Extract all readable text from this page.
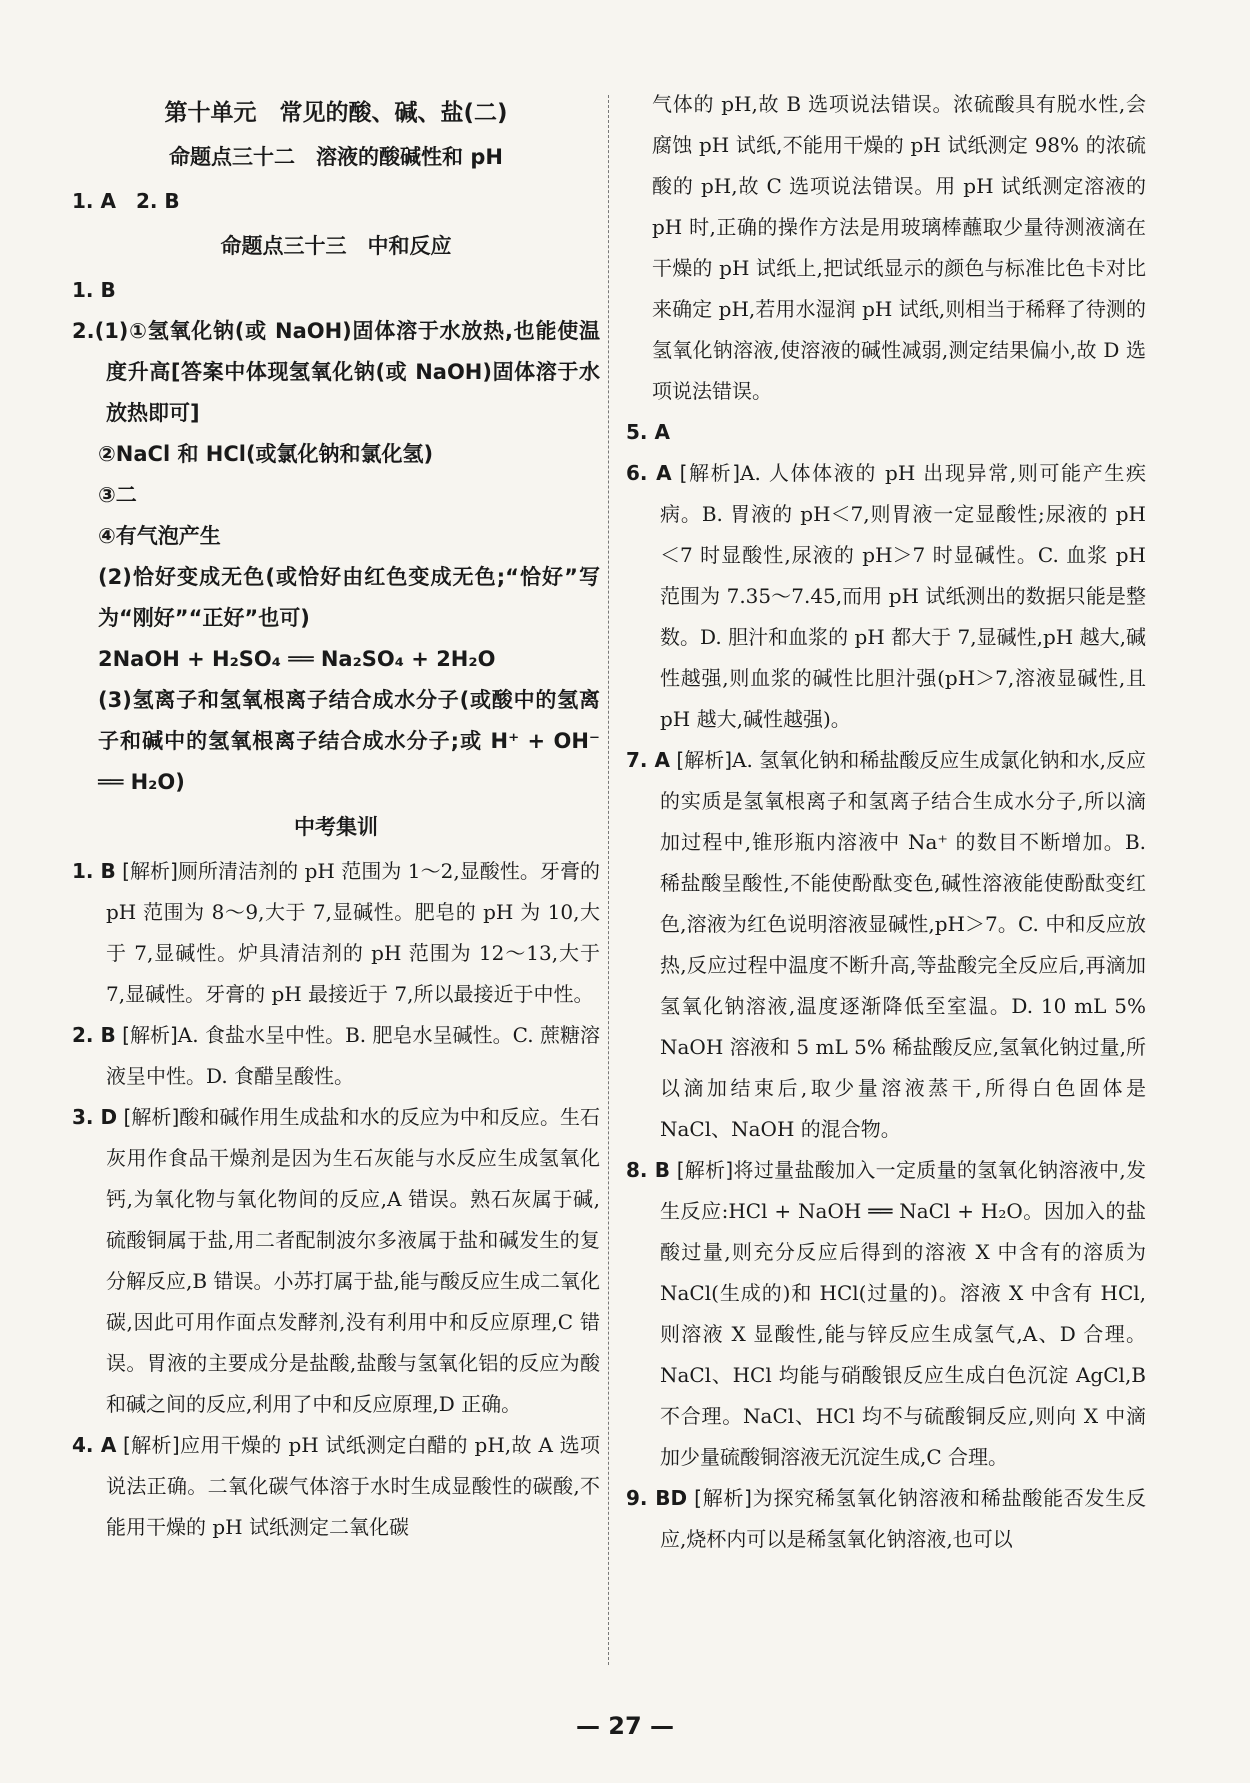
第十单元　常见的酸、碱、盐(二)
命题点三十二　溶液的酸碱性和 pH

1. A　2. B

命题点三十三　中和反应

1. B

2.(1)①氢氧化钠(或 NaOH)固体溶于水放热,也能使温度升高[答案中体现氢氧化钠(或 NaOH)固体溶于水放热即可]

②NaCl 和 HCl(或氯化钠和氯化氢)

③二

④有气泡产生

(2)恰好变成无色(或恰好由红色变成无色;“恰好”写为“刚好”“正好”也可)

2NaOH + H₂SO₄ ══ Na₂SO₄ + 2H₂O

(3)氢离子和氢氧根离子结合成水分子(或酸中的氢离子和碱中的氢氧根离子结合成水分子;或 H⁺ + OH⁻ ══ H₂O)

中考集训

1. B [解析]厕所清洁剂的 pH 范围为 1～2,显酸性。牙膏的 pH 范围为 8～9,大于 7,显碱性。肥皂的 pH 为 10,大于 7,显碱性。炉具清洁剂的 pH 范围为 12～13,大于 7,显碱性。牙膏的 pH 最接近于 7,所以最接近于中性。

2. B [解析]A. 食盐水呈中性。B. 肥皂水呈碱性。C. 蔗糖溶液呈中性。D. 食醋呈酸性。

3. D [解析]酸和碱作用生成盐和水的反应为中和反应。生石灰用作食品干燥剂是因为生石灰能与水反应生成氢氧化钙,为氧化物与氧化物间的反应,A 错误。熟石灰属于碱,硫酸铜属于盐,用二者配制波尔多液属于盐和碱发生的复分解反应,B 错误。小苏打属于盐,能与酸反应生成二氧化碳,因此可用作面点发酵剂,没有利用中和反应原理,C 错误。胃液的主要成分是盐酸,盐酸与氢氧化铝的反应为酸和碱之间的反应,利用了中和反应原理,D 正确。

4. A [解析]应用干燥的 pH 试纸测定白醋的 pH,故 A 选项说法正确。二氧化碳气体溶于水时生成显酸性的碳酸,不能用干燥的 pH 试纸测定二氧化碳

气体的 pH,故 B 选项说法错误。浓硫酸具有脱水性,会腐蚀 pH 试纸,不能用干燥的 pH 试纸测定 98% 的浓硫酸的 pH,故 C 选项说法错误。用 pH 试纸测定溶液的 pH 时,正确的操作方法是用玻璃棒蘸取少量待测液滴在干燥的 pH 试纸上,把试纸显示的颜色与标准比色卡对比来确定 pH,若用水湿润 pH 试纸,则相当于稀释了待测的氢氧化钠溶液,使溶液的碱性减弱,测定结果偏小,故 D 选项说法错误。

5. A

6. A [解析]A. 人体体液的 pH 出现异常,则可能产生疾病。B. 胃液的 pH＜7,则胃液一定显酸性;尿液的 pH＜7 时显酸性,尿液的 pH＞7 时显碱性。C. 血浆 pH 范围为 7.35～7.45,而用 pH 试纸测出的数据只能是整数。D. 胆汁和血浆的 pH 都大于 7,显碱性,pH 越大,碱性越强,则血浆的碱性比胆汁强(pH＞7,溶液显碱性,且 pH 越大,碱性越强)。

7. A [解析]A. 氢氧化钠和稀盐酸反应生成氯化钠和水,反应的实质是氢氧根离子和氢离子结合生成水分子,所以滴加过程中,锥形瓶内溶液中 Na⁺ 的数目不断增加。B. 稀盐酸呈酸性,不能使酚酞变色,碱性溶液能使酚酞变红色,溶液为红色说明溶液显碱性,pH＞7。C. 中和反应放热,反应过程中温度不断升高,等盐酸完全反应后,再滴加氢氧化钠溶液,温度逐渐降低至室温。D. 10 mL 5% NaOH 溶液和 5 mL 5% 稀盐酸反应,氢氧化钠过量,所以滴加结束后,取少量溶液蒸干,所得白色固体是 NaCl、NaOH 的混合物。

8. B [解析]将过量盐酸加入一定质量的氢氧化钠溶液中,发生反应:HCl + NaOH ══ NaCl + H₂O。因加入的盐酸过量,则充分反应后得到的溶液 X 中含有的溶质为 NaCl(生成的)和 HCl(过量的)。溶液 X 中含有 HCl,则溶液 X 显酸性,能与锌反应生成氢气,A、D 合理。NaCl、HCl 均能与硝酸银反应生成白色沉淀 AgCl,B 不合理。NaCl、HCl 均不与硫酸铜反应,则向 X 中滴加少量硫酸铜溶液无沉淀生成,C 合理。

9. BD [解析]为探究稀氢氧化钠溶液和稀盐酸能否发生反应,烧杯内可以是稀氢氧化钠溶液,也可以

— 27 —
